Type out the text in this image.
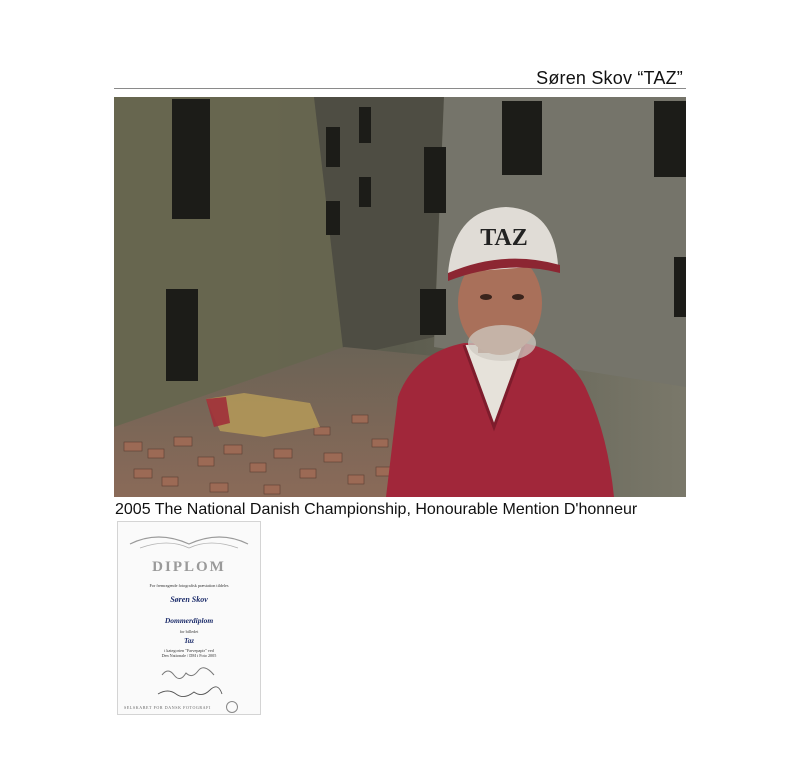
Søren Skov “TAZ”
TAZ
2005 The National Danish Championship, Honourable Mention D'honneur
DIPLOM
For fremragende fotografisk præstation tildeles
Søren Skov
Dommerdiplom
for billedet
Taz
i kategorien "Farvepapir" ved
Den Nationale / DM i Foto 2005
SELSKABET FOR DANSK FOTOGRAFI
